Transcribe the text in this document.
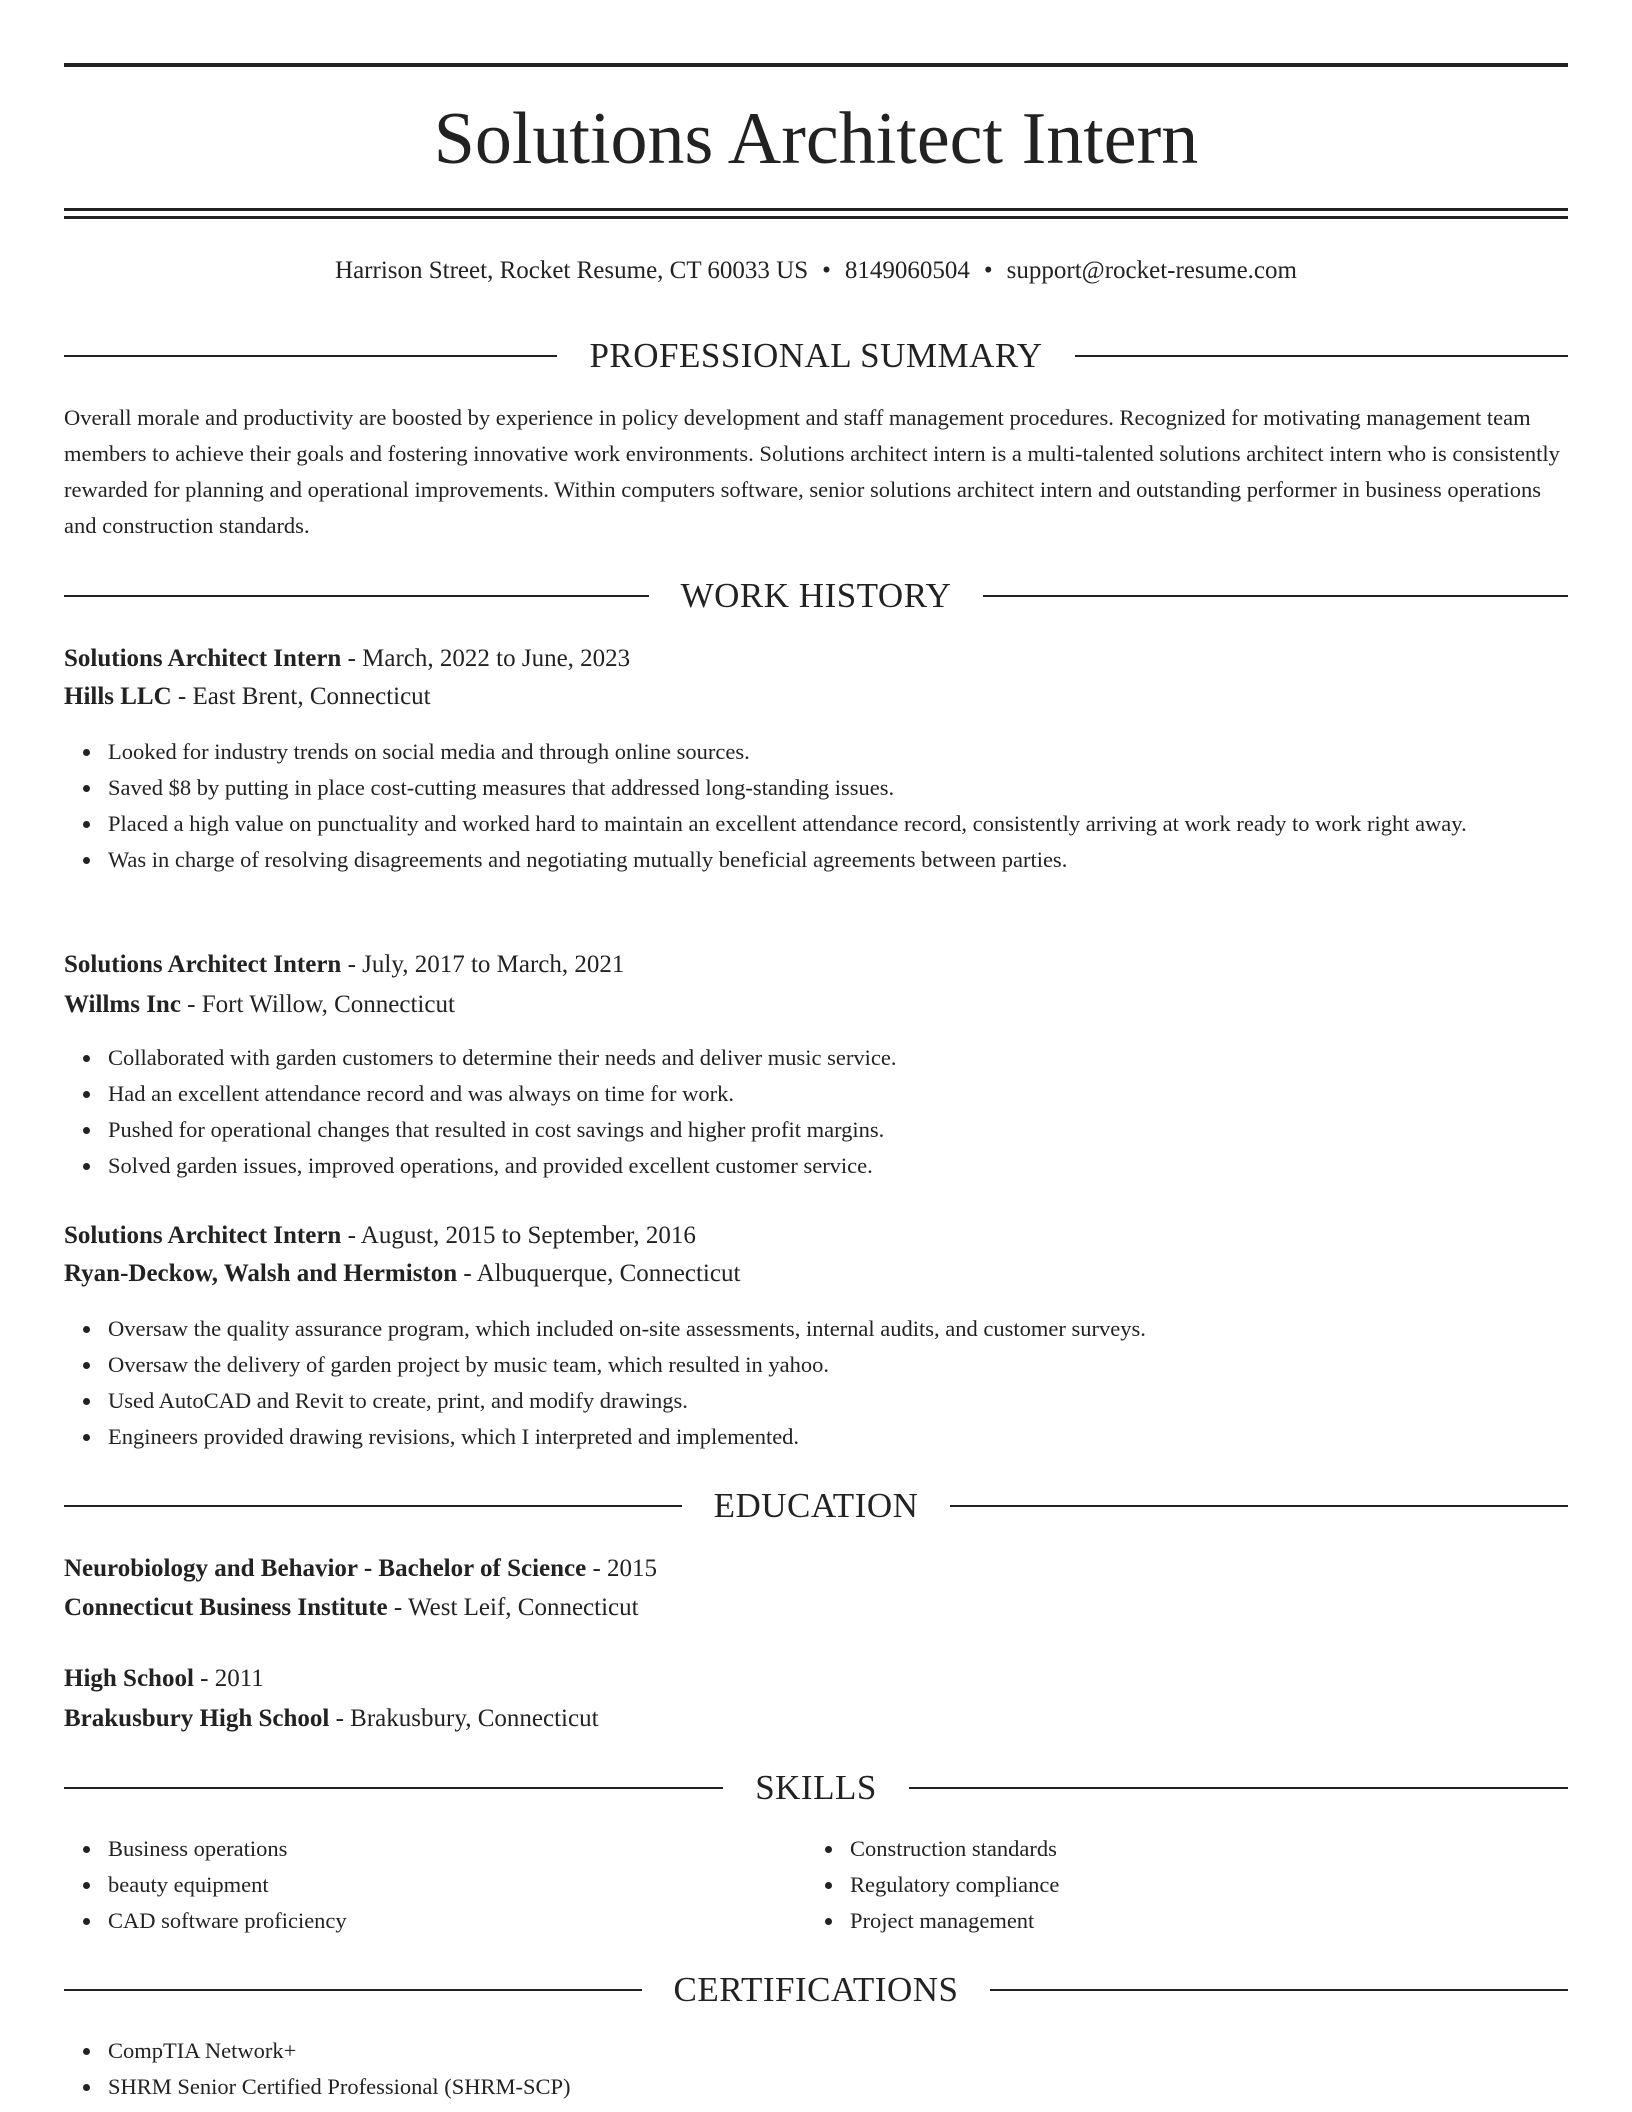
Solutions Architect Intern
Harrison Street, Rocket Resume, CT 60033 US • 8149060504 • support@rocket-resume.com
PROFESSIONAL SUMMARY
Overall morale and productivity are boosted by experience in policy development and staff management procedures. Recognized for motivating management team members to achieve their goals and fostering innovative work environments. Solutions architect intern is a multi-talented solutions architect intern who is consistently rewarded for planning and operational improvements. Within computers software, senior solutions architect intern and outstanding performer in business operations and construction standards.
WORK HISTORY
Solutions Architect Intern - March, 2022 to June, 2023
Hills LLC - East Brent, Connecticut
Looked for industry trends on social media and through online sources.
Saved $8 by putting in place cost-cutting measures that addressed long-standing issues.
Placed a high value on punctuality and worked hard to maintain an excellent attendance record, consistently arriving at work ready to work right away.
Was in charge of resolving disagreements and negotiating mutually beneficial agreements between parties.
Solutions Architect Intern - July, 2017 to March, 2021
Willms Inc - Fort Willow, Connecticut
Collaborated with garden customers to determine their needs and deliver music service.
Had an excellent attendance record and was always on time for work.
Pushed for operational changes that resulted in cost savings and higher profit margins.
Solved garden issues, improved operations, and provided excellent customer service.
Solutions Architect Intern - August, 2015 to September, 2016
Ryan-Deckow, Walsh and Hermiston - Albuquerque, Connecticut
Oversaw the quality assurance program, which included on-site assessments, internal audits, and customer surveys.
Oversaw the delivery of garden project by music team, which resulted in yahoo.
Used AutoCAD and Revit to create, print, and modify drawings.
Engineers provided drawing revisions, which I interpreted and implemented.
EDUCATION
Neurobiology and Behavior - Bachelor of Science - 2015
Connecticut Business Institute - West Leif, Connecticut
High School - 2011
Brakusbury High School - Brakusbury, Connecticut
SKILLS
Business operations
beauty equipment
CAD software proficiency
Construction standards
Regulatory compliance
Project management
CERTIFICATIONS
CompTIA Network+
SHRM Senior Certified Professional (SHRM-SCP)
